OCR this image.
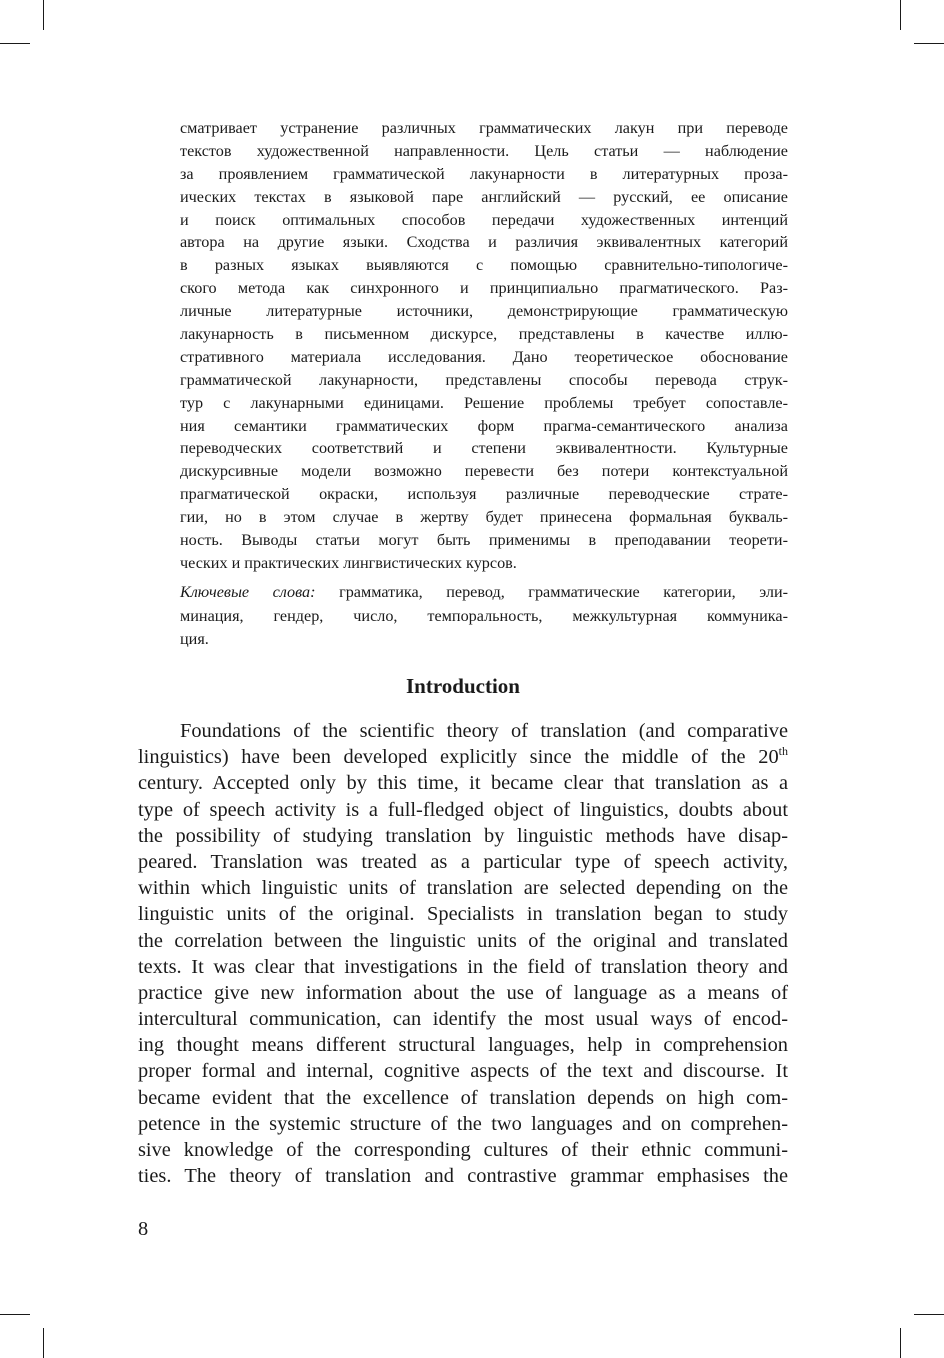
сматривает устранение различных грамматических лакун при переводе
текстов художественной направленности. Цель статьи — наблюдение
за проявлением грамматической лакунарности в литературных проза-
ических текстах в языковой паре английский — русский, ее описание
и поиск оптимальных способов передачи художественных интенций
автора на другие языки. Сходства и различия эквивалентных категорий
в разных языках выявляются с помощью сравнительно-типологиче-
ского метода как синхронного и принципиально прагматического. Раз-
личные литературные источники, демонстрирующие грамматическую
лакунарность в письменном дискурсе, представлены в качестве иллю-
стративного материала исследования. Дано теоретическое обоснование
грамматической лакунарности, представлены способы перевода струк-
тур с лакунарными единицами. Решение проблемы требует сопоставле-
ния семантики грамматических форм прагма-семантического анализа
переводческих соответствий и степени эквивалентности. Культурные
дискурсивные модели возможно перевести без потери контекстуальной
прагматической окраски, используя различные переводческие страте-
гии, но в этом случае в жертву будет принесена формальная букваль-
ность. Выводы статьи могут быть применимы в преподавании теорети-
ческих и практических лингвистических курсов.
Ключевые слова: грамматика, перевод, грамматические категории, эли-
минация, гендер, число, темпоральность, межкультурная коммуника-
ция.
Introduction
Foundations of the scientific theory of translation (and comparative
linguistics) have been developed explicitly since the middle of the 20th
century. Accepted only by this time, it became clear that translation as a
type of speech activity is a full-fledged object of linguistics, doubts about
the possibility of studying translation by linguistic methods have disap-
peared. Translation was treated as a particular type of speech activity,
within which linguistic units of translation are selected depending on the
linguistic units of the original. Specialists in translation began to study
the correlation between the linguistic units of the original and translated
texts. It was clear that investigations in the field of translation theory and
practice give new information about the use of language as a means of
intercultural communication, can identify the most usual ways of encod-
ing thought means different structural languages, help in comprehension
proper formal and internal, cognitive aspects of the text and discourse. It
became evident that the excellence of translation depends on high com-
petence in the systemic structure of the two languages and on comprehen-
sive knowledge of the corresponding cultures of their ethnic communi-
ties. The theory of translation and contrastive grammar emphasises the
8
